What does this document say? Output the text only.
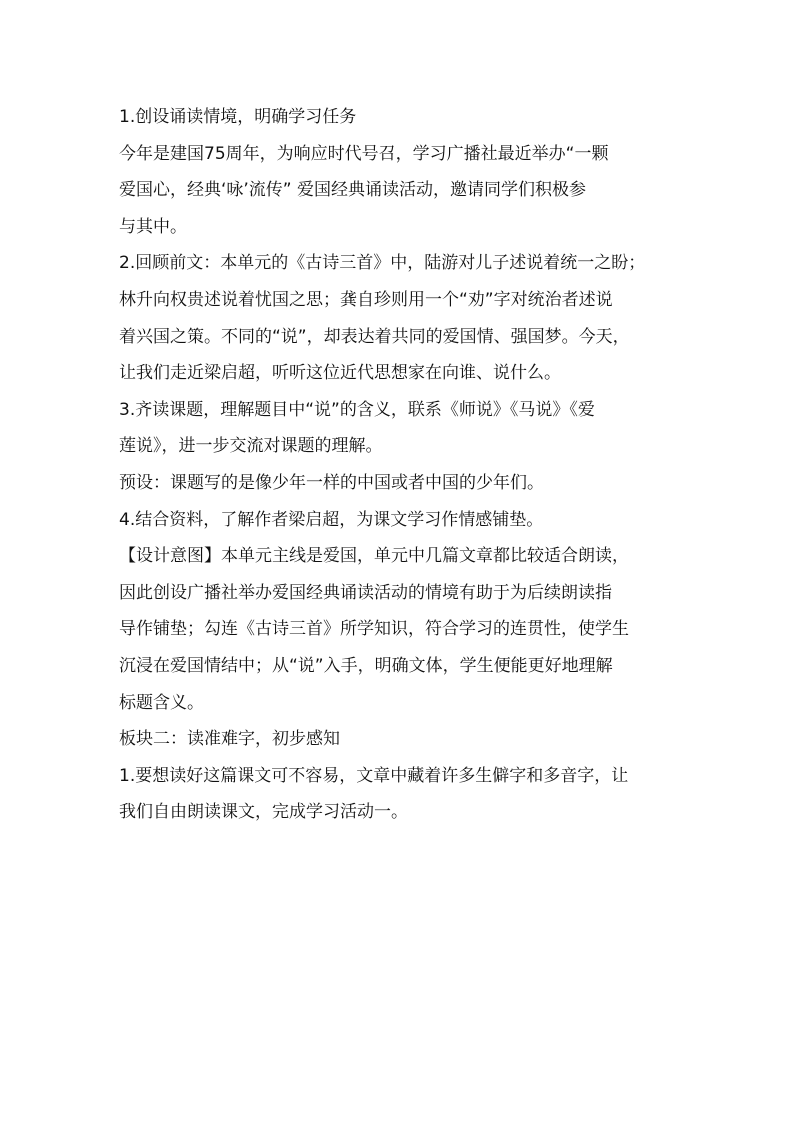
1.创设诵读情境，明确学习任务

今年是建国75周年，为响应时代号召，学习广播社最近举办“一颗

爱国心，经典‘咏’流传” 爱国经典诵读活动，邀请同学们积极参

与其中。

2.回顾前文：本单元的《古诗三首》中，陆游对儿子述说着统一之盼；

林升向权贵述说着忧国之思；龚自珍则用一个“劝”字对统治者述说

着兴国之策。不同的“说”，却表达着共同的爱国情、强国梦。今天，

让我们走近梁启超，听听这位近代思想家在向谁、说什么。

3.齐读课题，理解题目中“说”的含义，联系《师说》《马说》《爱

莲说》，进一步交流对课题的理解。

预设：课题写的是像少年一样的中国或者中国的少年们。

4.结合资料，了解作者梁启超，为课文学习作情感铺垫。

【设计意图】本单元主线是爱国，单元中几篇文章都比较适合朗读，

因此创设广播社举办爱国经典诵读活动的情境有助于为后续朗读指

导作铺垫；勾连《古诗三首》所学知识，符合学习的连贯性，使学生

沉浸在爱国情结中；从“说”入手，明确文体，学生便能更好地理解

标题含义。

板块二：读准难字，初步感知

1.要想读好这篇课文可不容易，文章中藏着许多生僻字和多音字，让

我们自由朗读课文，完成学习活动一。
